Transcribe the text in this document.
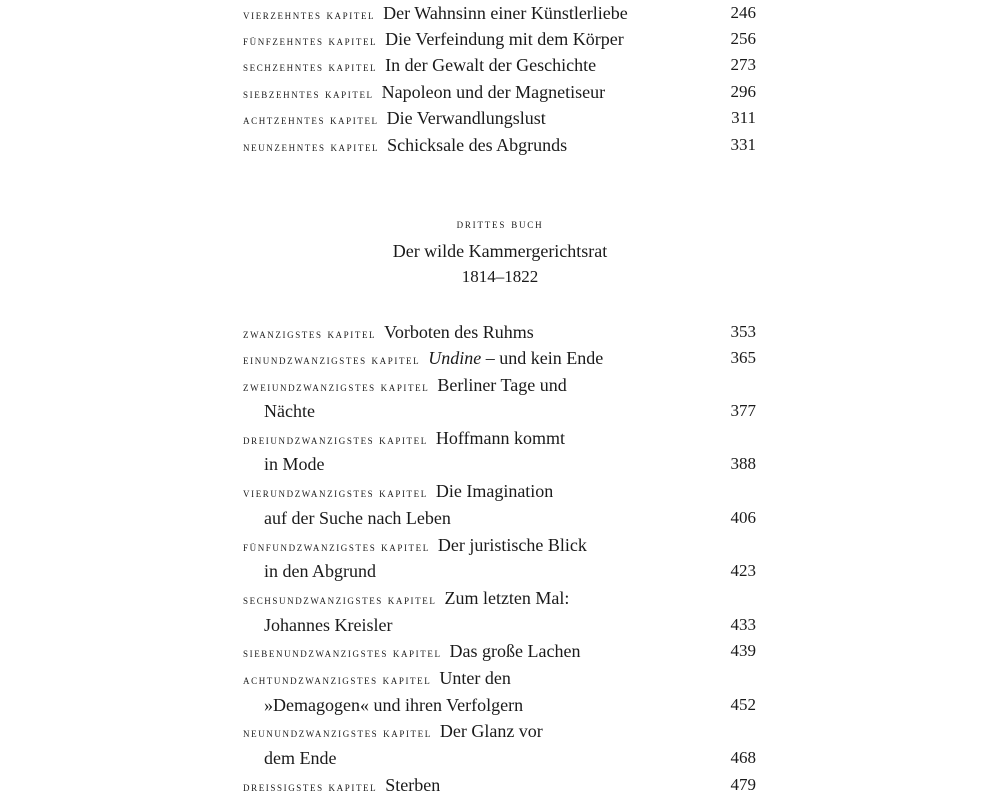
vierzehntes kapitel Der Wahnsinn einer Künstlerliebe	246
fünfzehntes kapitel Die Verfeindung mit dem Körper	256
sechzehntes kapitel In der Gewalt der Geschichte	273
siebzehntes kapitel Napoleon und der Magnetiseur	296
achtzehntes kapitel Die Verwandlungslust	311
neunzehntes kapitel Schicksale des Abgrunds	331
drittes buch
Der wilde Kammergerichtsrat
1814–1822
zwanzigstes kapitel Vorboten des Ruhms	353
einundzwanzigstes kapitel Undine – und kein Ende	365
zweiundzwanzigstes kapitel Berliner Tage und
Nächte	377
dreiundzwanzigstes kapitel Hoffmann kommt
in Mode	388
vierundzwanzigstes kapitel Die Imagination
auf der Suche nach Leben	406
fünfundzwanzigstes kapitel Der juristische Blick
in den Abgrund	423
sechsundzwanzigstes kapitel Zum letzten Mal:
Johannes Kreisler	433
siebenundzwanzigstes kapitel Das große Lachen	439
achtundzwanzigstes kapitel Unter den
»Demagogen« und ihren Verfolgern	452
neunundzwanzigstes kapitel Der Glanz vor
dem Ende	468
dreissigstes kapitel Sterben	479
